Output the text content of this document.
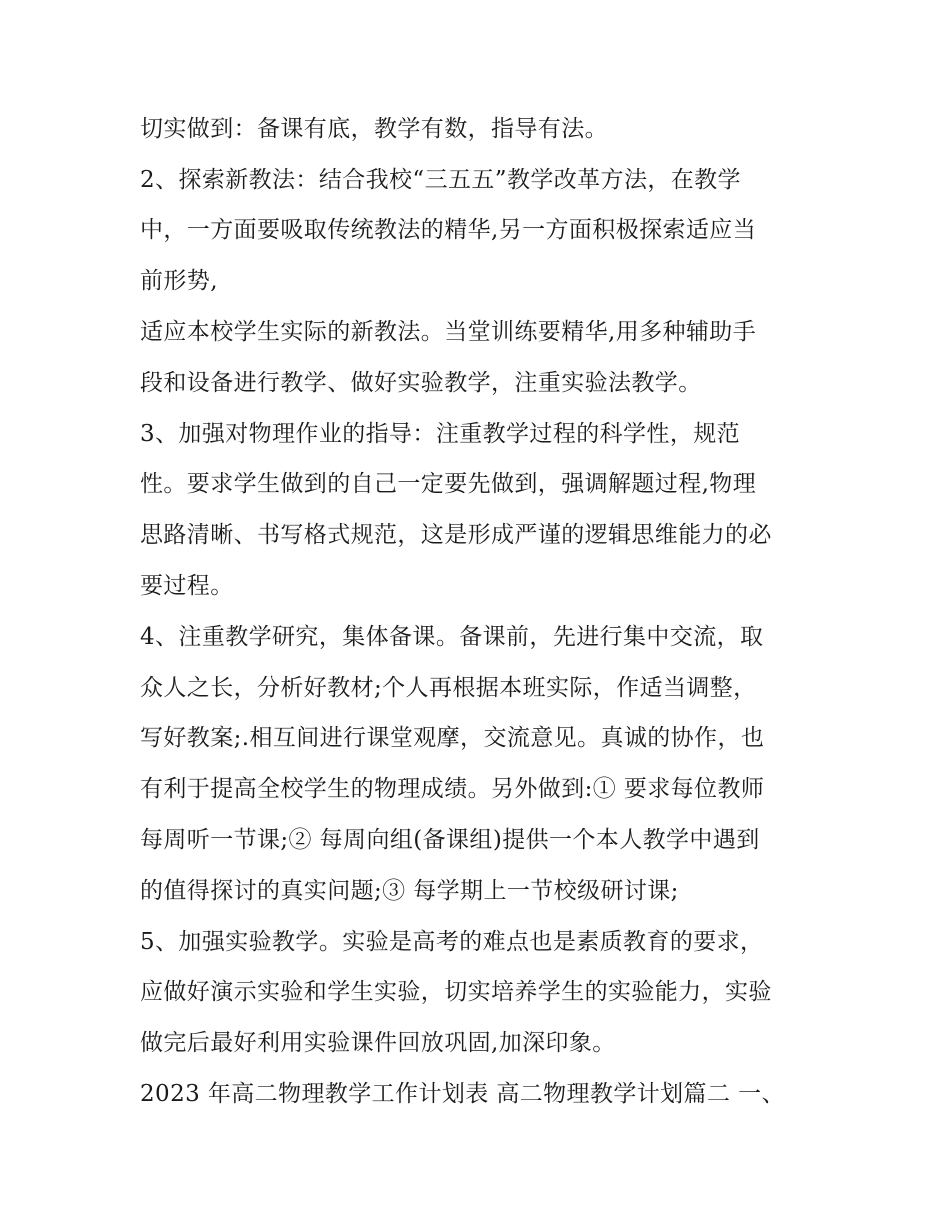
切实做到：备课有底，教学有数，指导有法。
2、探索新教法：结合我校“三五五”教学改革方法，在教学
中，一方面要吸取传统教法的精华,另一方面积极探索适应当
前形势,
适应本校学生实际的新教法。当堂训练要精华,用多种辅助手
段和设备进行教学、做好实验教学，注重实验法教学。
3、加强对物理作业的指导：注重教学过程的科学性，规范
性。要求学生做到的自己一定要先做到，强调解题过程,物理
思路清晰、书写格式规范，这是形成严谨的逻辑思维能力的必
要过程。
4、注重教学研究，集体备课。备课前，先进行集中交流，取
众人之长，分析好教材;个人再根据本班实际，作适当调整，
写好教案;.相互间进行课堂观摩，交流意见。真诚的协作，也
有利于提高全校学生的物理成绩。另外做到:① 要求每位教师
每周听一节课;② 每周向组(备课组)提供一个本人教学中遇到
的值得探讨的真实问题;③ 每学期上一节校级研讨课;
5、加强实验教学。实验是高考的难点也是素质教育的要求，
应做好演示实验和学生实验，切实培养学生的实验能力，实验
做完后最好利用实验课件回放巩固,加深印象。
2023 年高二物理教学工作计划表 高二物理教学计划篇二 一、
